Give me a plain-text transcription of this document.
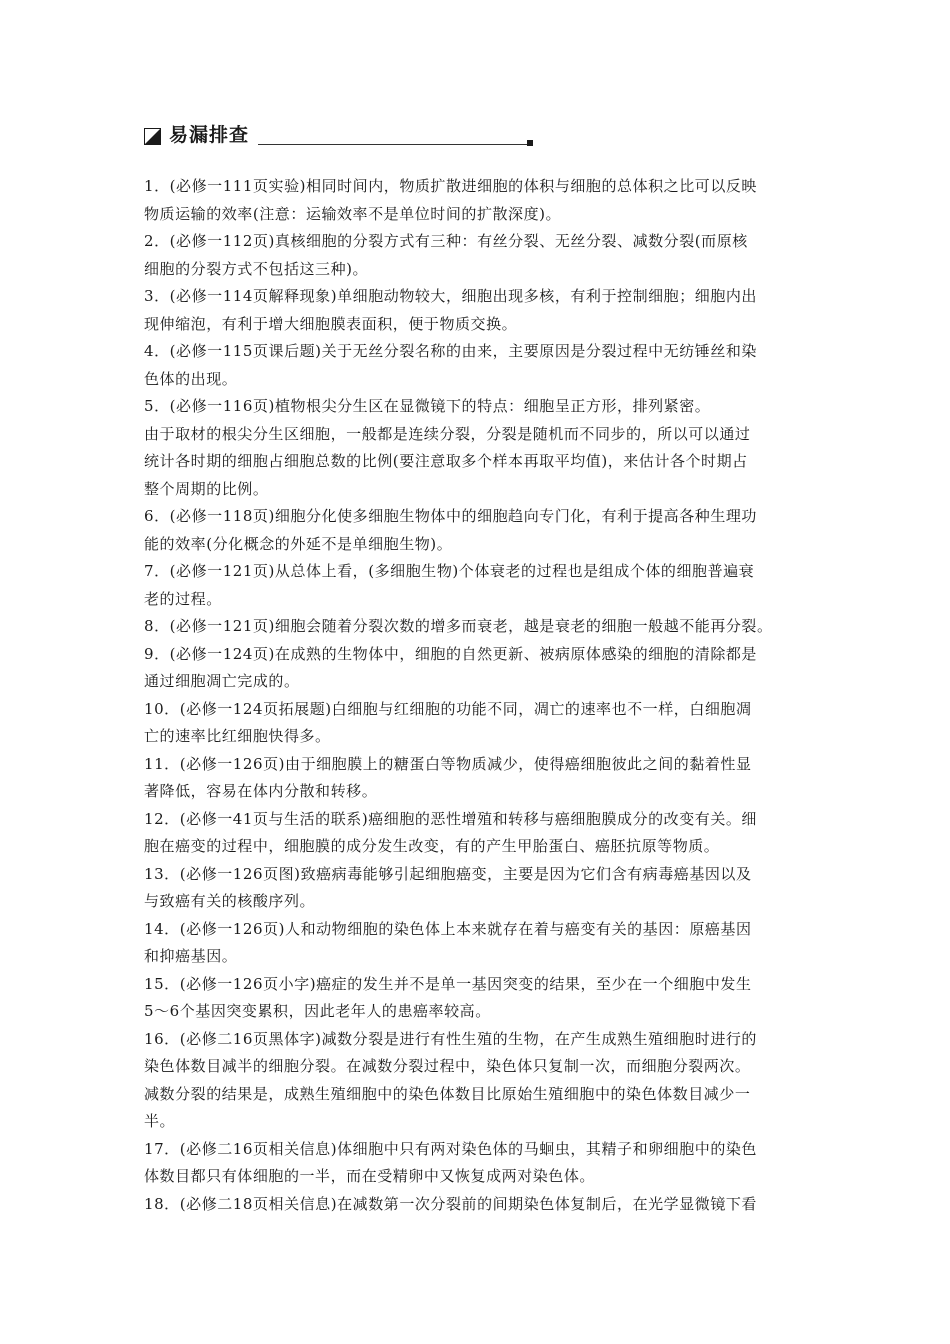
易漏排查
1．(必修一111页实验)相同时间内，物质扩散进细胞的体积与细胞的总体积之比可以反映
物质运输的效率(注意：运输效率不是单位时间的扩散深度)。
2．(必修一112页)真核细胞的分裂方式有三种：有丝分裂、无丝分裂、减数分裂(而原核
细胞的分裂方式不包括这三种)。
3．(必修一114页解释现象)单细胞动物较大，细胞出现多核，有利于控制细胞；细胞内出
现伸缩泡，有利于增大细胞膜表面积，便于物质交换。
4．(必修一115页课后题)关于无丝分裂名称的由来，主要原因是分裂过程中无纺锤丝和染
色体的出现。
5．(必修一116页)植物根尖分生区在显微镜下的特点：细胞呈正方形，排列紧密。
由于取材的根尖分生区细胞，一般都是连续分裂，分裂是随机而不同步的，所以可以通过
统计各时期的细胞占细胞总数的比例(要注意取多个样本再取平均值)，来估计各个时期占
整个周期的比例。
6．(必修一118页)细胞分化使多细胞生物体中的细胞趋向专门化，有利于提高各种生理功
能的效率(分化概念的外延不是单细胞生物)。
7．(必修一121页)从总体上看，(多细胞生物)个体衰老的过程也是组成个体的细胞普遍衰
老的过程。
8．(必修一121页)细胞会随着分裂次数的增多而衰老，越是衰老的细胞一般越不能再分裂。
9．(必修一124页)在成熟的生物体中，细胞的自然更新、被病原体感染的细胞的清除都是
通过细胞凋亡完成的。
10．(必修一124页拓展题)白细胞与红细胞的功能不同，凋亡的速率也不一样，白细胞凋
亡的速率比红细胞快得多。
11．(必修一126页)由于细胞膜上的糖蛋白等物质减少，使得癌细胞彼此之间的黏着性显
著降低，容易在体内分散和转移。
12．(必修一41页与生活的联系)癌细胞的恶性增殖和转移与癌细胞膜成分的改变有关。细
胞在癌变的过程中，细胞膜的成分发生改变，有的产生甲胎蛋白、癌胚抗原等物质。
13．(必修一126页图)致癌病毒能够引起细胞癌变，主要是因为它们含有病毒癌基因以及
与致癌有关的核酸序列。
14．(必修一126页)人和动物细胞的染色体上本来就存在着与癌变有关的基因：原癌基因
和抑癌基因。
15．(必修一126页小字)癌症的发生并不是单一基因突变的结果，至少在一个细胞中发生
5～6个基因突变累积，因此老年人的患癌率较高。
16．(必修二16页黑体字)减数分裂是进行有性生殖的生物，在产生成熟生殖细胞时进行的
染色体数目减半的细胞分裂。在减数分裂过程中，染色体只复制一次，而细胞分裂两次。
减数分裂的结果是，成熟生殖细胞中的染色体数目比原始生殖细胞中的染色体数目减少一
半。
17．(必修二16页相关信息)体细胞中只有两对染色体的马蛔虫，其精子和卵细胞中的染色
体数目都只有体细胞的一半，而在受精卵中又恢复成两对染色体。
18．(必修二18页相关信息)在减数第一次分裂前的间期染色体复制后，在光学显微镜下看
